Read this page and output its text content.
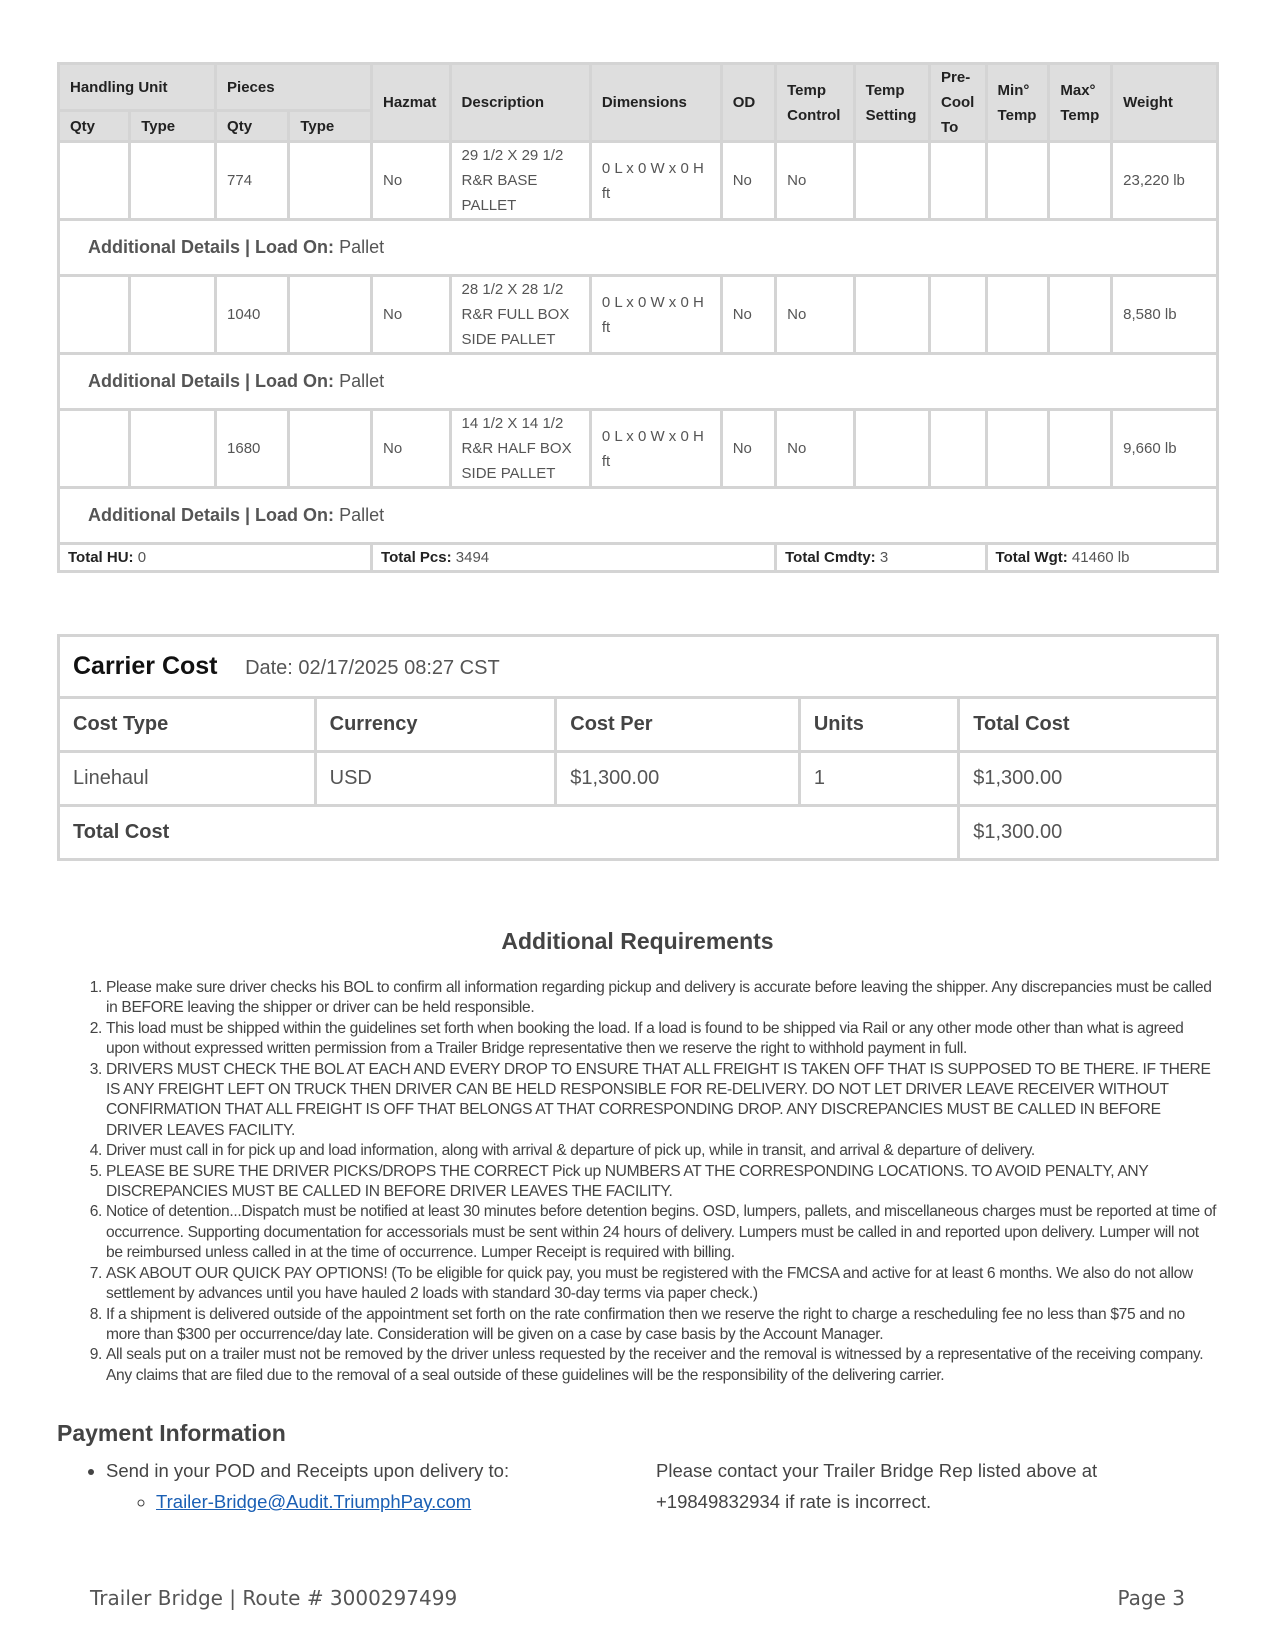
Handling Unit		Pieces		Hazmat	Description	Dimensions	OD	Temp Control	Temp Setting	Pre-Cool To	Min° Temp	Max° Temp	Weight
Qty	Type	Qty	Type										
		774		No	29 1/2 X 29 1/2 R&R BASE PALLET	0 L x 0 W x 0 H ft	No	No					23,220 lb
Additional Details | Load On: Pallet													
		1040		No	28 1/2 X 28 1/2 R&R FULL BOX SIDE PALLET	0 L x 0 W x 0 H ft	No	No					8,580 lb
Additional Details | Load On: Pallet													
		1680		No	14 1/2 X 14 1/2 R&R HALF BOX SIDE PALLET	0 L x 0 W x 0 H ft	No	No					9,660 lb
Additional Details | Load On: Pallet													
Total HU: 0				Total Pcs: 3494				Total Cmdty: 3			Total Wgt: 41460 lb		
Carrier Cost Date: 02/17/2025 08:27 CST				
Cost Type	Currency	Cost Per	Units	Total Cost
Linehaul	USD	$1,300.00	1	$1,300.00
Total Cost				$1,300.00
Additional Requirements
1. Please make sure driver checks his BOL to confirm all information regarding pickup and delivery is accurate before leaving the shipper. Any discrepancies must be called in BEFORE leaving the shipper or driver can be held responsible.
2. This load must be shipped within the guidelines set forth when booking the load. If a load is found to be shipped via Rail or any other mode other than what is agreed upon without expressed written permission from a Trailer Bridge representative then we reserve the right to withhold payment in full.
3. DRIVERS MUST CHECK THE BOL AT EACH AND EVERY DROP TO ENSURE THAT ALL FREIGHT IS TAKEN OFF THAT IS SUPPOSED TO BE THERE. IF THERE IS ANY FREIGHT LEFT ON TRUCK THEN DRIVER CAN BE HELD RESPONSIBLE FOR RE-DELIVERY. DO NOT LET DRIVER LEAVE RECEIVER WITHOUT CONFIRMATION THAT ALL FREIGHT IS OFF THAT BELONGS AT THAT CORRESPONDING DROP. ANY DISCREPANCIES MUST BE CALLED IN BEFORE DRIVER LEAVES FACILITY.
4. Driver must call in for pick up and load information, along with arrival & departure of pick up, while in transit, and arrival & departure of delivery.
5. PLEASE BE SURE THE DRIVER PICKS/DROPS THE CORRECT Pick up NUMBERS AT THE CORRESPONDING LOCATIONS. TO AVOID PENALTY, ANY DISCREPANCIES MUST BE CALLED IN BEFORE DRIVER LEAVES THE FACILITY.
6. Notice of detention...Dispatch must be notified at least 30 minutes before detention begins. OSD, lumpers, pallets, and miscellaneous charges must be reported at time of occurrence. Supporting documentation for accessorials must be sent within 24 hours of delivery. Lumpers must be called in and reported upon delivery. Lumper will not be reimbursed unless called in at the time of occurrence. Lumper Receipt is required with billing.
7. ASK ABOUT OUR QUICK PAY OPTIONS! (To be eligible for quick pay, you must be registered with the FMCSA and active for at least 6 months. We also do not allow settlement by advances until you have hauled 2 loads with standard 30-day terms via paper check.)
8. If a shipment is delivered outside of the appointment set forth on the rate confirmation then we reserve the right to charge a rescheduling fee no less than $75 and no more than $300 per occurrence/day late. Consideration will be given on a case by case basis by the Account Manager.
9. All seals put on a trailer must not be removed by the driver unless requested by the receiver and the removal is witnessed by a representative of the receiving company. Any claims that are filed due to the removal of a seal outside of these guidelines will be the responsibility of the delivering carrier.
Payment Information
• Send in your POD and Receipts upon delivery to:
◦ Trailer-Bridge@Audit.TriumphPay.com
Please contact your Trailer Bridge Rep listed above at +19849832934 if rate is incorrect.
Trailer Bridge | Route # 3000297499	Page 3
